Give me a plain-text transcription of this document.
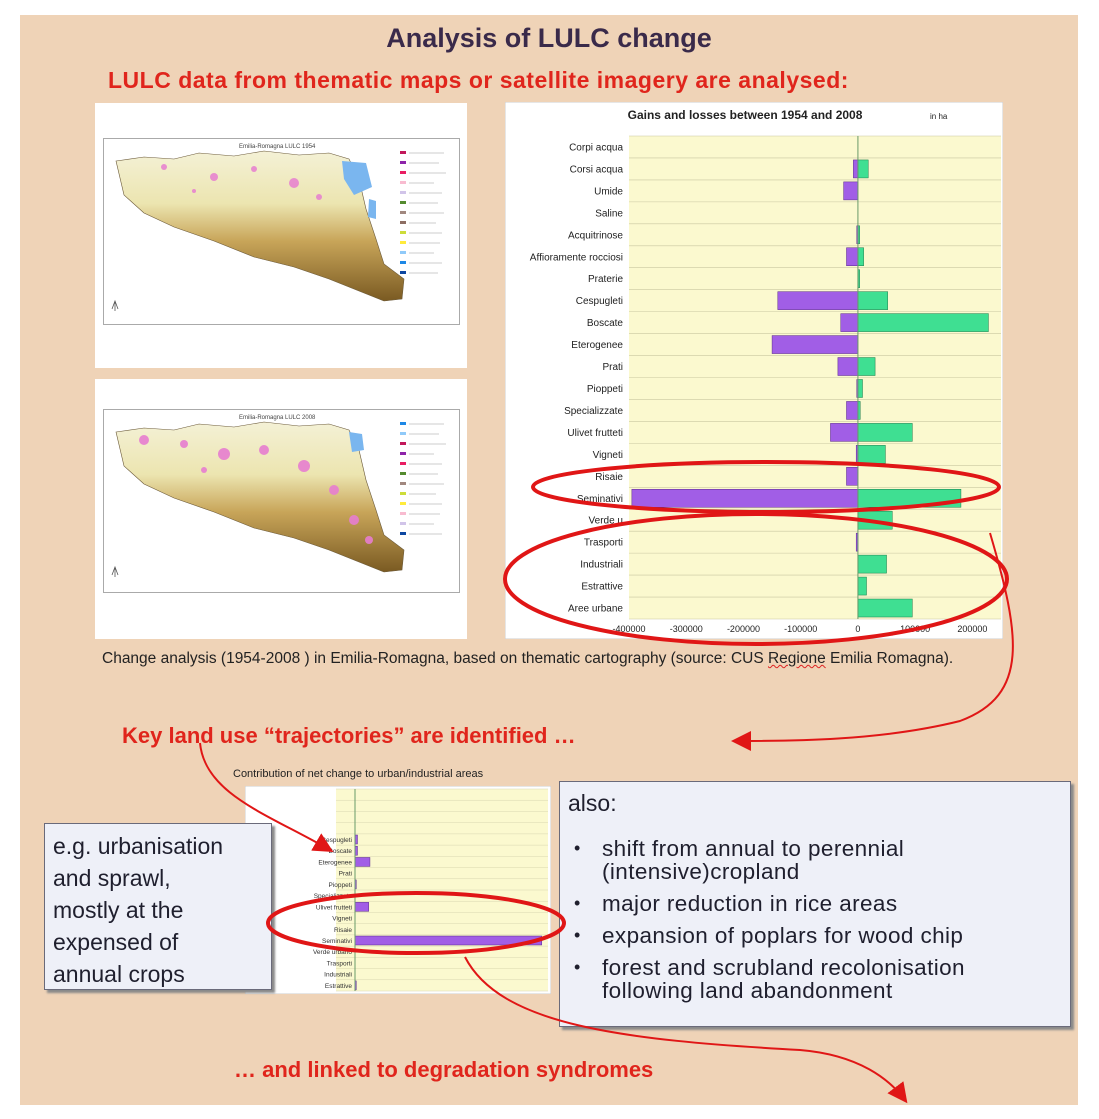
Analysis of LULC change
LULC data from thematic maps or satellite imagery are analysed:
Emilia-Romagna LULC 1954
Emilia-Romagna LULC 2008
Gains and losses between 1954 and 2008	in ha
Corpi acqua
Corsi acqua
Umide
Saline
Acquitrinose
Affioramente rocciosi
Praterie
Cespugleti
Boscate
Eterogenee
Prati
Pioppeti
Specializzate
Ulivet frutteti
Vigneti
Risaie
Seminativi
Verde u
Trasporti
Industriali
Estrattive
Aree urbane
-400000	-300000	-200000	-100000	0	100000	200000
Contribution of net change to urban/industrial areas
Cespugleti
Boscate
Eterogenee
Prati
Pioppeti
Specializzate
Ulivet frutteti
Vigneti
Risaie
Seminativi
Verde urbano
Trasporti
Industriali
Estrattive
e.g. urbanisation
and sprawl,
mostly at the
expensed of
annual crops
also:
• shift from annual to perennial (intensive)cropland
• major reduction in rice areas
• expansion of poplars for wood chip
• forest and scrubland recolonisation following land abandonment
Change analysis (1954-2008 ) in Emilia-Romagna, based on thematic cartography (source: CUS Regione Emilia Romagna).
Key land use “trajectories” are identified …
… and linked to degradation syndromes
